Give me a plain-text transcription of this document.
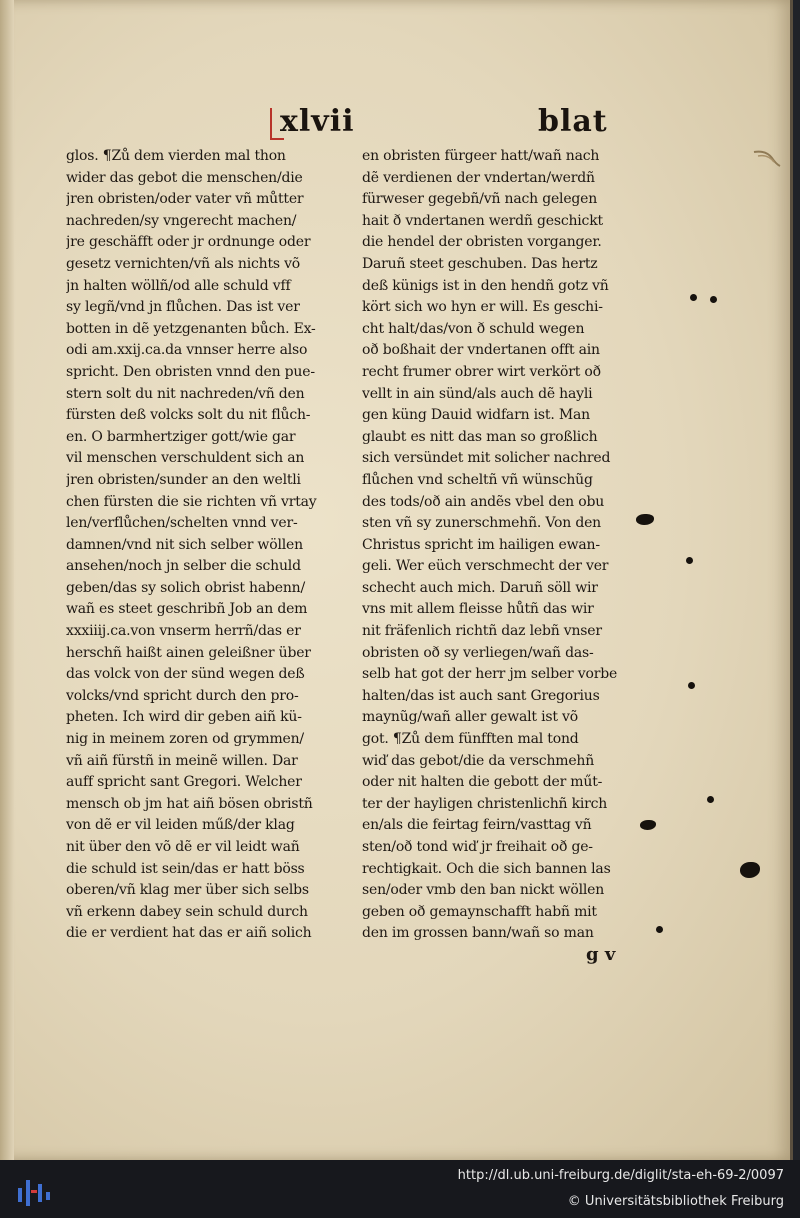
xlvii	blat
glos. ¶Zů dem vierden mal thon
wider das gebot die menschen/die
jren obristen/oder vater vñ můtter
nachreden/sy vngerecht machen/
jre geschäfft oder jr ordnunge oder
gesetz vernichten/vñ als nichts võ
jn halten wöllñ/od alle schuld vff
sy legñ/vnd jn flůchen. Das ist ver
botten in dẽ yetzgenanten bůch. Ex-
odi am.xxij.ca.da vnnser herre also
spricht. Den obristen vnnd den pue-
stern solt du nit nachreden/vñ den
fürsten deß volcks solt du nit flůch-
en. O barmhertziger gott/wie gar
vil menschen verschuldent sich an
jren obristen/sunder an den weltli
chen fürsten die sie richten vñ vrtay
len/verflůchen/schelten vnnd ver-
damnen/vnd nit sich selber wöllen
ansehen/noch jn selber die schuld
geben/das sy solich obrist habenn/
wañ es steet geschribñ Job an dem
xxxiiij.ca.von vnserm herrñ/das er
herschñ haißt ainen geleißner über
das volck von der sünd wegen deß
volcks/vnd spricht durch den pro-
pheten. Ich wird dir geben aiñ kü-
nig in meinem zoren od grymmen/
vñ aiñ fürstñ in meinẽ willen. Dar
auff spricht sant Gregori. Welcher
mensch ob jm hat aiñ bösen obristñ
von dẽ er vil leiden műß/der klag
nit über den võ dẽ er vil leidt wañ
die schuld ist sein/das er hatt böss
oberen/vñ klag mer über sich selbs
vñ erkenn dabey sein schuld durch
die er verdient hat das er aiñ solich
en obristen fürgeer hatt/wañ nach
dẽ verdienen der vndertan/werdñ
fürweser gegebñ/vñ nach gelegen
hait ð vndertanen werdñ geschickt
die hendel der obristen vorganger.
Daruñ steet geschuben. Das hertz
deß künigs ist in den hendñ gotz vñ
kört sich wo hyn er will. Es geschi-
cht halt/das/von ð schuld wegen
oð boßhait der vndertanen offt ain
recht frumer obrer wirt verkört oð
vellt in ain sünd/als auch dẽ hayli
gen küng Dauid widfarn ist. Man
glaubt es nitt das man so großlich
sich versündet mit solicher nachred
flůchen vnd scheltñ vñ wünschũg
des tods/oð ain andẽs vbel den obu
sten vñ sy zunerschmehñ. Von den
Christus spricht im hailigen ewan-
geli. Wer eüch verschmecht der ver
schecht auch mich. Daruñ söll wir
vns mit allem fleisse hůtñ das wir
nit fräfenlich richtñ daz lebñ vnser
obristen oð sy verliegen/wañ das-
selb hat got der herr jm selber vorbe
halten/das ist auch sant Gregorius
maynũg/wañ aller gewalt ist võ
got. ¶Zů dem fünfften mal tond
wiď das gebot/die da verschmehñ
oder nit halten die gebott der műt-
ter der hayligen christenlichñ kirch
en/als die feirtag feirn/vasttag vñ
sten/oð tond wiď jr freihait oð ge-
rechtigkait. Och die sich bannen las
sen/oder vmb den ban nickt wöllen
geben oð gemaynschafft habñ mit
den im grossen bann/wañ so man
g v
http://dl.ub.uni-freiburg.de/diglit/sta-eh-69-2/0097
© Universitätsbibliothek Freiburg
